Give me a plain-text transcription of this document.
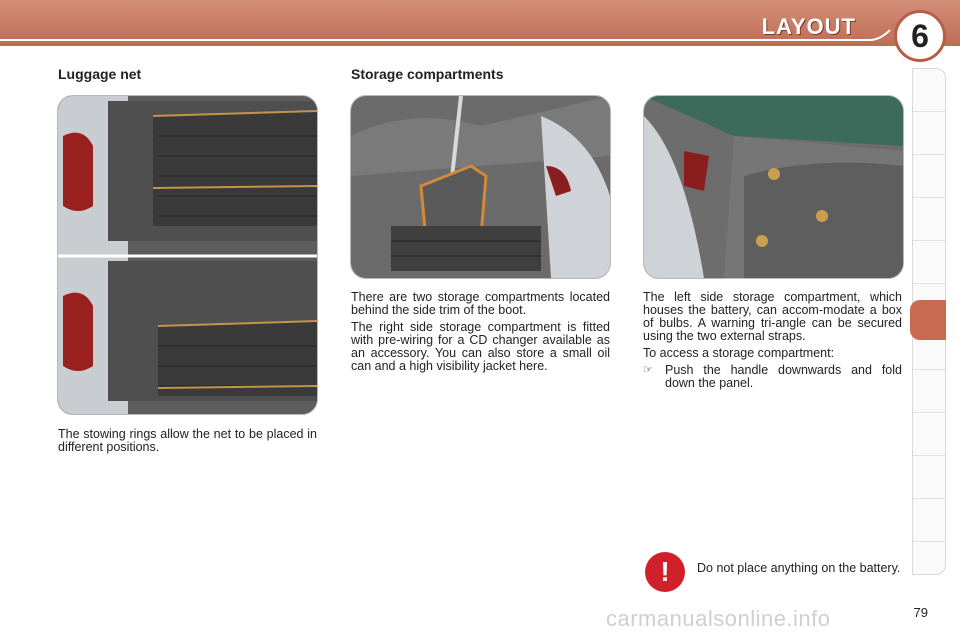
LAYOUT	6
Luggage net	Storage compartments

The stowing rings allow the net to be placed in different positions.

There are two storage compartments located behind the side trim of the boot.

The right side storage compartment is fitted with pre-wiring for a CD changer available as an accessory. You can also store a small oil can and a high visibility jacket here.

The left side storage compartment, which houses the battery, can accom-modate a box of bulbs. A warning tri-angle can be secured using the two external straps.

To access a storage compartment:

☞ Push the handle downwards and fold down the panel.
!	Do not place anything on the battery.

carmanualsonline.info	79
